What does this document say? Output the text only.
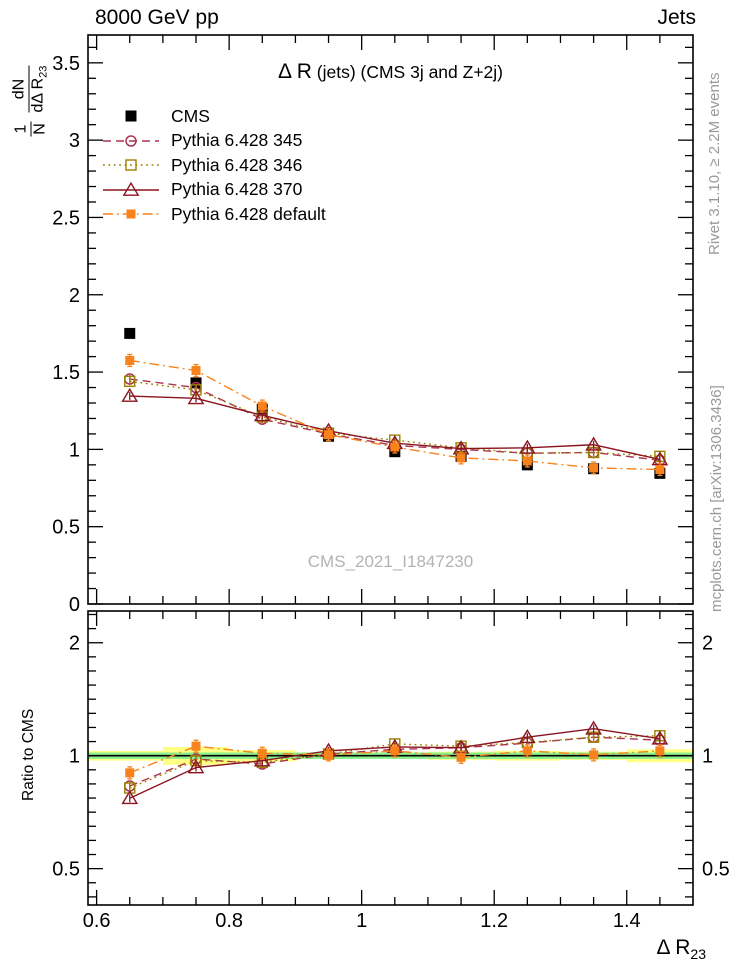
0.6	0.8	1	1.2	1.4
0
0.5
1
1.5
2
2.5
3
3.5
0.5	0.5
1	1
2	2
8000 GeV pp	Jets
Δ R (jets) (CMS 3j and Z+2j)
1 N
dN dΔ $R_{23}$
CMS
Pythia 6.428 345
Pythia 6.428 346
Pythia 6.428 370
Pythia 6.428 default
CMS_2021_I1847230
Rivet 3.1.10, ≥ 2.2M events
mcplots.cern.ch [arXiv:1306.3436]
Ratio to CMS
Δ $R_{23}$
